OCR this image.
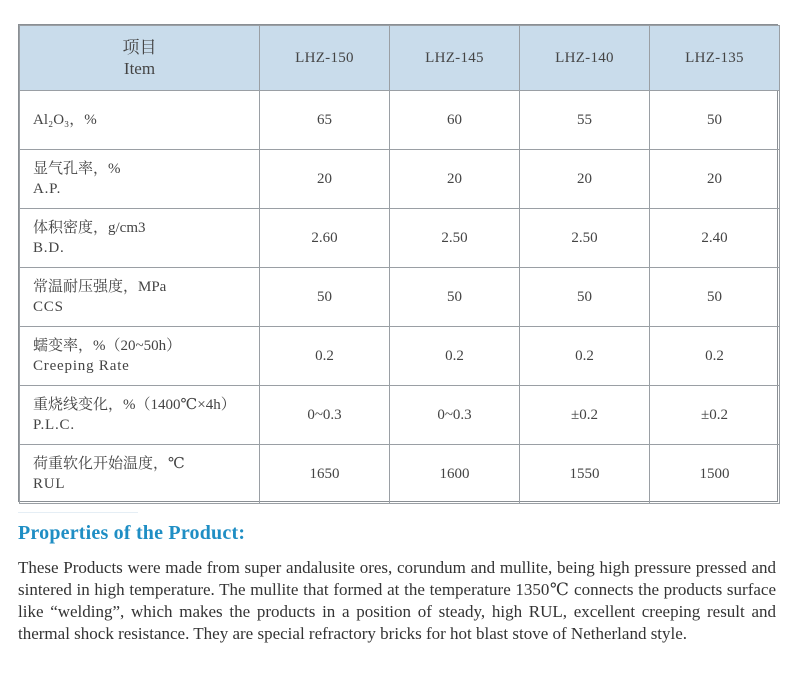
项目
Item	LHZ-150	LHZ-145	LHZ-140	LHZ-135

Al₂O₃，%	65	60	55	50

显气孔率，%
A.P.	20	20	20	20

体积密度，g/cm3
B.D.	2.60	2.50	2.50	2.40

常温耐压强度，MPa
CCS	50	50	50	50

蠕变率，%（20~50h）
Creeping Rate	0.2	0.2	0.2	0.2

重烧线变化，%（1400℃×4h）
P.L.C.	0~0.3	0~0.3	±0.2	±0.2

荷重软化开始温度，℃
RUL	1650	1600	1550	1500
Properties of the Product:

These Products were made from super andalusite ores, corundum and mullite, being high pressure pressed and sintered in high temperature. The mullite that formed at the temperature 1350℃ connects the products surface like “welding”, which makes the products in a position of steady, high RUL, excellent creeping result and thermal shock resistance. They are special refractory bricks for hot blast stove of Netherland style.
